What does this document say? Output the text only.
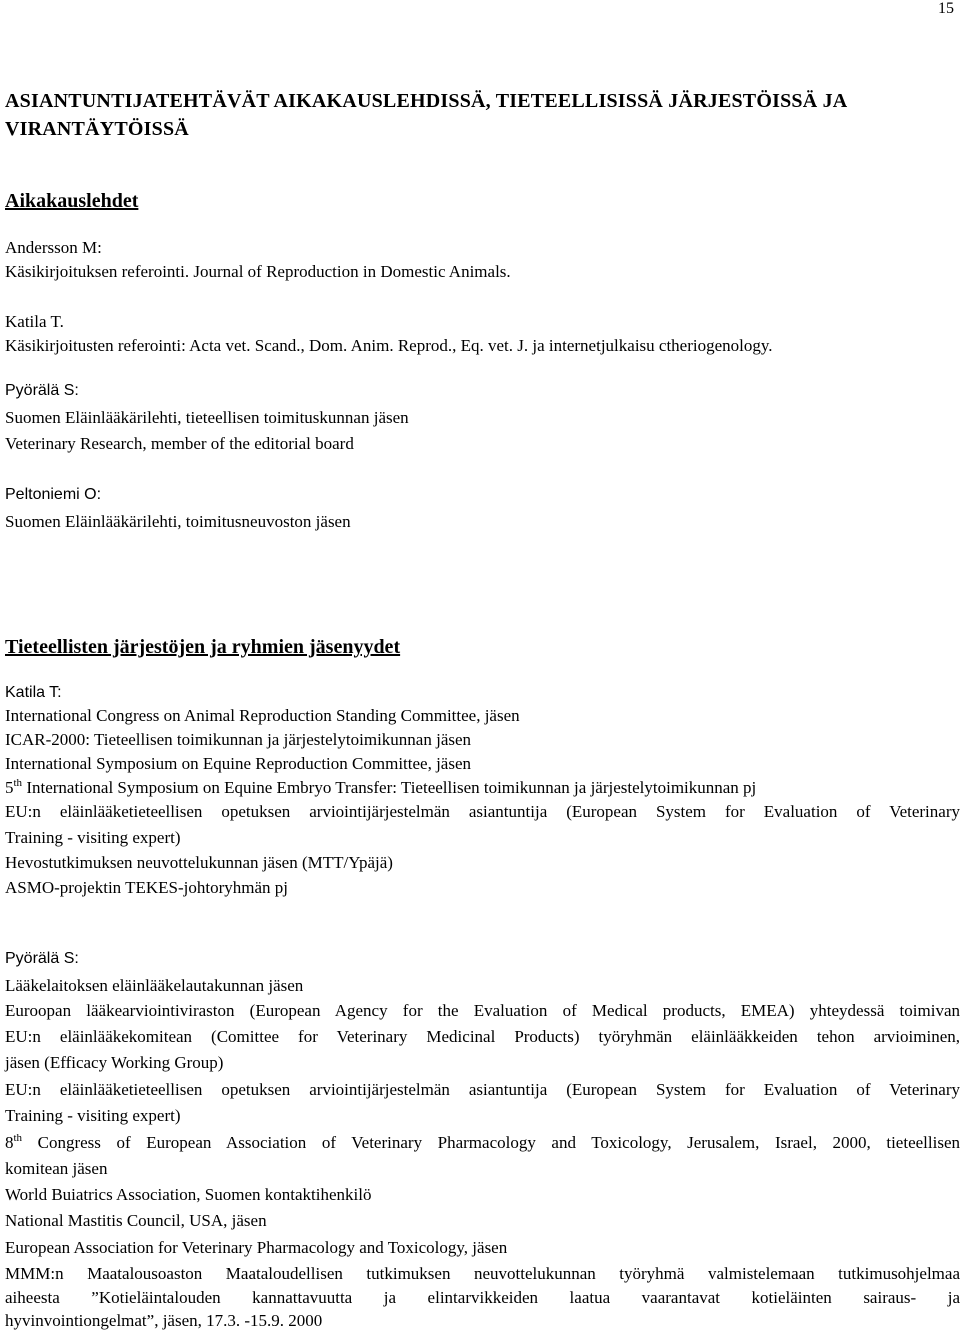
15
ASIANTUNTIJATEHTÄVÄT AIKAKAUSLEHDISSÄ, TIETEELLISISSÄ JÄRJESTÖISSÄ JA
VIRANTÄYTÖISSÄ
Aikakauslehdet
Andersson M:
Käsikirjoituksen referointi. Journal of Reproduction in Domestic Animals.
Katila T.
Käsikirjoitusten referointi: Acta vet. Scand., Dom. Anim. Reprod., Eq. vet. J. ja internetjulkaisu ctheriogenology.
Pyörälä S:
Suomen Eläinlääkärilehti, tieteellisen toimituskunnan jäsen
Veterinary Research, member of the editorial board
Peltoniemi O:
Suomen Eläinlääkärilehti, toimitusneuvoston jäsen
Tieteellisten järjestöjen ja ryhmien jäsenyydet
Katila T:
International Congress on Animal Reproduction Standing Committee, jäsen
ICAR-2000: Tieteellisen toimikunnan ja järjestelytoimikunnan jäsen
International Symposium on Equine Reproduction Committee, jäsen
5th International Symposium on Equine Embryo Transfer: Tieteellisen toimikunnan ja järjestelytoimikunnan pj
EU:n eläinlääketieteellisen opetuksen arviointijärjestelmän asiantuntija (European System for Evaluation of Veterinary
Training - visiting expert)
Hevostutkimuksen neuvottelukunnan jäsen (MTT/Ypäjä)
ASMO-projektin TEKES-johtoryhmän pj
Pyörälä S:
Lääkelaitoksen eläinlääkelautakunnan jäsen
Euroopan lääkearviointiviraston (European Agency for the Evaluation of Medical products, EMEA) yhteydessä toimivan
EU:n eläinlääkekomitean (Comittee for Veterinary Medicinal Products) työryhmän eläinlääkkeiden tehon arvioiminen,
jäsen (Efficacy Working Group)
EU:n eläinlääketieteellisen opetuksen arviointijärjestelmän asiantuntija (European System for Evaluation of Veterinary
Training - visiting expert)
8th Congress of European Association of Veterinary Pharmacology and Toxicology, Jerusalem, Israel, 2000, tieteellisen
komitean jäsen
World Buiatrics Association, Suomen kontaktihenkilö
National Mastitis Council, USA, jäsen
European Association for Veterinary Pharmacology and Toxicology, jäsen
MMM:n Maatalousoaston Maataloudellisen tutkimuksen neuvottelukunnan työryhmä valmistelemaan tutkimusohjelmaa
aiheesta ”Kotieläintalouden kannattavuutta ja elintarvikkeiden laatua vaarantavat kotieläinten sairaus- ja
hyvinvointiongelmat”, jäsen, 17.3. -15.9. 2000
